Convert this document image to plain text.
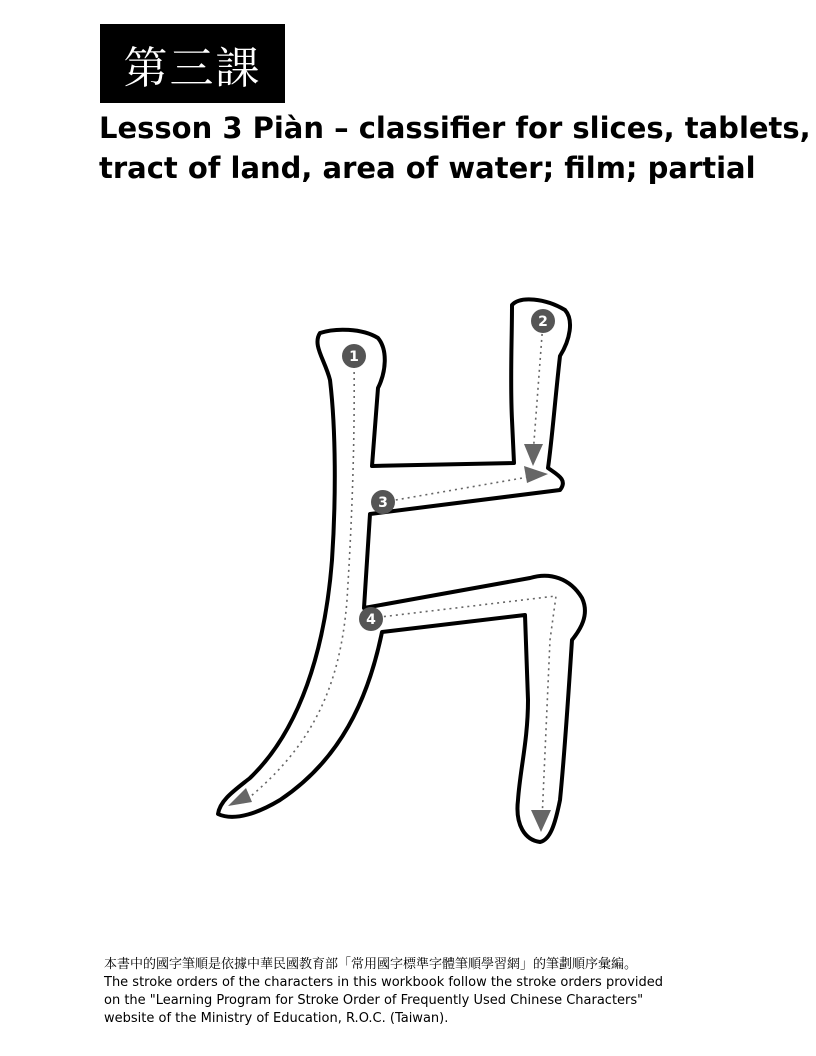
第三課
Lesson 3 Piàn – classifier for slices, tablets,
tract of land, area of water; film; partial
1
2
3
4
本書中的國字筆順是依據中華民國教育部「常用國字標準字體筆順學習網」的筆劃順序彙編。
The stroke orders of the characters in this workbook follow the stroke orders provided
on the "Learning Program for Stroke Order of Frequently Used Chinese Characters"
website of the Ministry of Education, R.O.C. (Taiwan).
